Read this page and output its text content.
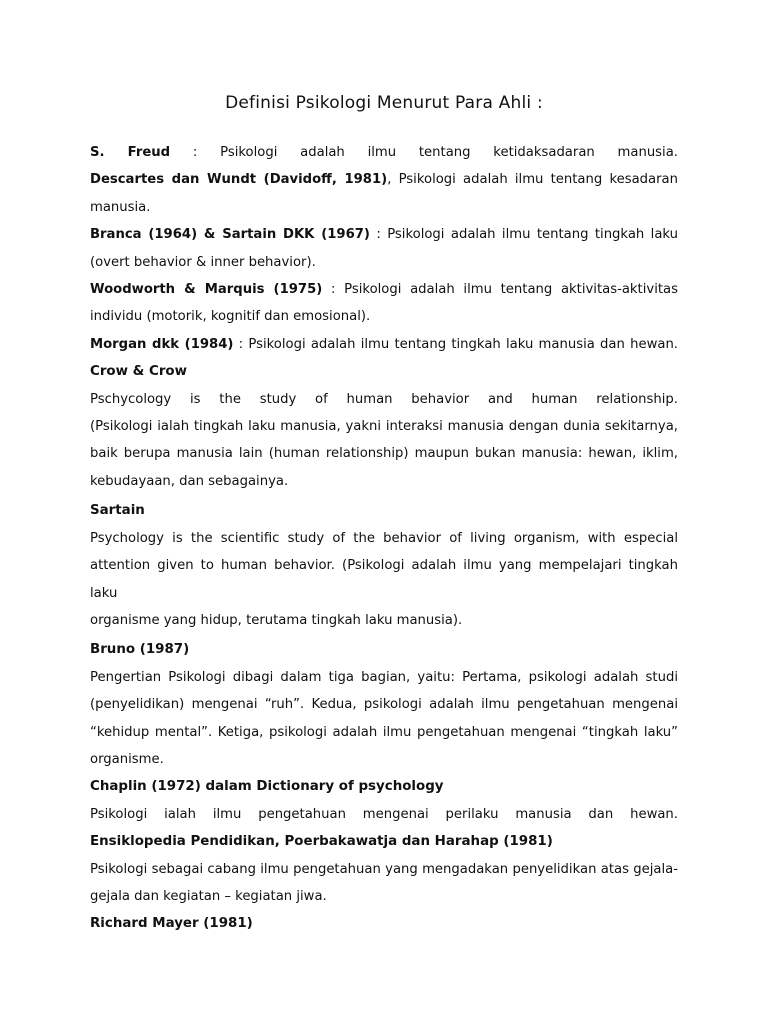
Definisi Psikologi Menurut Para Ahli :

S. Freud : Psikologi adalah ilmu tentang ketidaksadaran manusia.

Descartes dan Wundt (Davidoff, 1981), Psikologi adalah ilmu tentang kesadaran

manusia.

Branca (1964) & Sartain DKK (1967) : Psikologi adalah ilmu tentang tingkah laku

(overt behavior & inner behavior).

Woodworth & Marquis (1975) : Psikologi adalah ilmu tentang aktivitas-aktivitas

individu (motorik, kognitif dan emosional).

Morgan dkk (1984) : Psikologi adalah ilmu tentang tingkah laku manusia dan hewan.

Crow & Crow

Pschycology is the study of human behavior and human relationship.

(Psikologi ialah tingkah laku manusia, yakni interaksi manusia dengan dunia sekitarnya,

baik berupa manusia lain (human relationship) maupun bukan manusia: hewan, iklim,

kebudayaan, dan sebagainya.

Sartain

Psychology is the scientific study of the behavior of living organism, with especial

attention given to human behavior. (Psikologi adalah ilmu yang mempelajari tingkah laku

organisme yang hidup, terutama tingkah laku manusia).

Bruno (1987)

Pengertian Psikologi dibagi dalam tiga bagian, yaitu: Pertama, psikologi adalah studi

(penyelidikan) mengenai “ruh”. Kedua, psikologi adalah ilmu pengetahuan mengenai

“kehidup mental”. Ketiga, psikologi adalah ilmu pengetahuan mengenai “tingkah laku”

organisme.

Chaplin (1972) dalam Dictionary of psychology

Psikologi ialah ilmu pengetahuan mengenai perilaku manusia dan hewan.

Ensiklopedia Pendidikan, Poerbakawatja dan Harahap (1981)

Psikologi sebagai cabang ilmu pengetahuan yang mengadakan penyelidikan atas gejala-

gejala dan kegiatan – kegiatan jiwa.

Richard Mayer (1981)
